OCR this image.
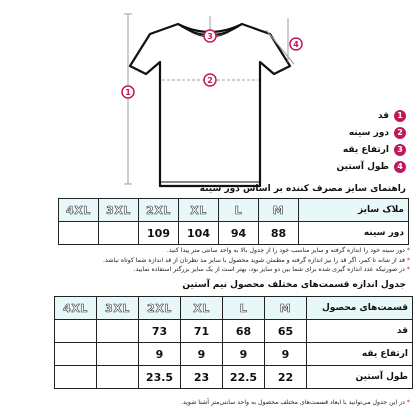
1
2
3
4
1
قد
2
دور سینه
3
ارتفاع یقه
4
طول آستین
راهنمای سایز مصرف کننده بر اساس دور سینه
4XL	3XL	2XL	XL	L	M	ملاک سایز
		109	104	94	88	دور سینه
* دور سینه خود را اندازه گرفته و سایز مناسب خود را از جدول بالا به واحد سانتی متر پیدا کنید.
* قد از شانه تا کمر، اگر قد را نیز اندازه گرفته و مطمئن شوید محصول با سایز مد نظرتان از قد اندازه شما کوتاه نباشد.
* در صورتیکه عدد اندازه گیری شده برای شما بین دو سایز بود، بهتر است از یک سایز بزرگتر استفاده نمایید.
جدول اندازه قسمت‌های مختلف محصول نیم آستین
4XL	3XL	2XL	XL	L	M	قسمت‌های محصول
		73	71	68	65	قد
		9	9	9	9	ارتفاع یقه
		23.5	23	22.5	22	طول آستین
* در این جدول می‌توانید با ابعاد قسمت‌های مختلف محصول به واحد سانتی‌متر آشنا شوید.
